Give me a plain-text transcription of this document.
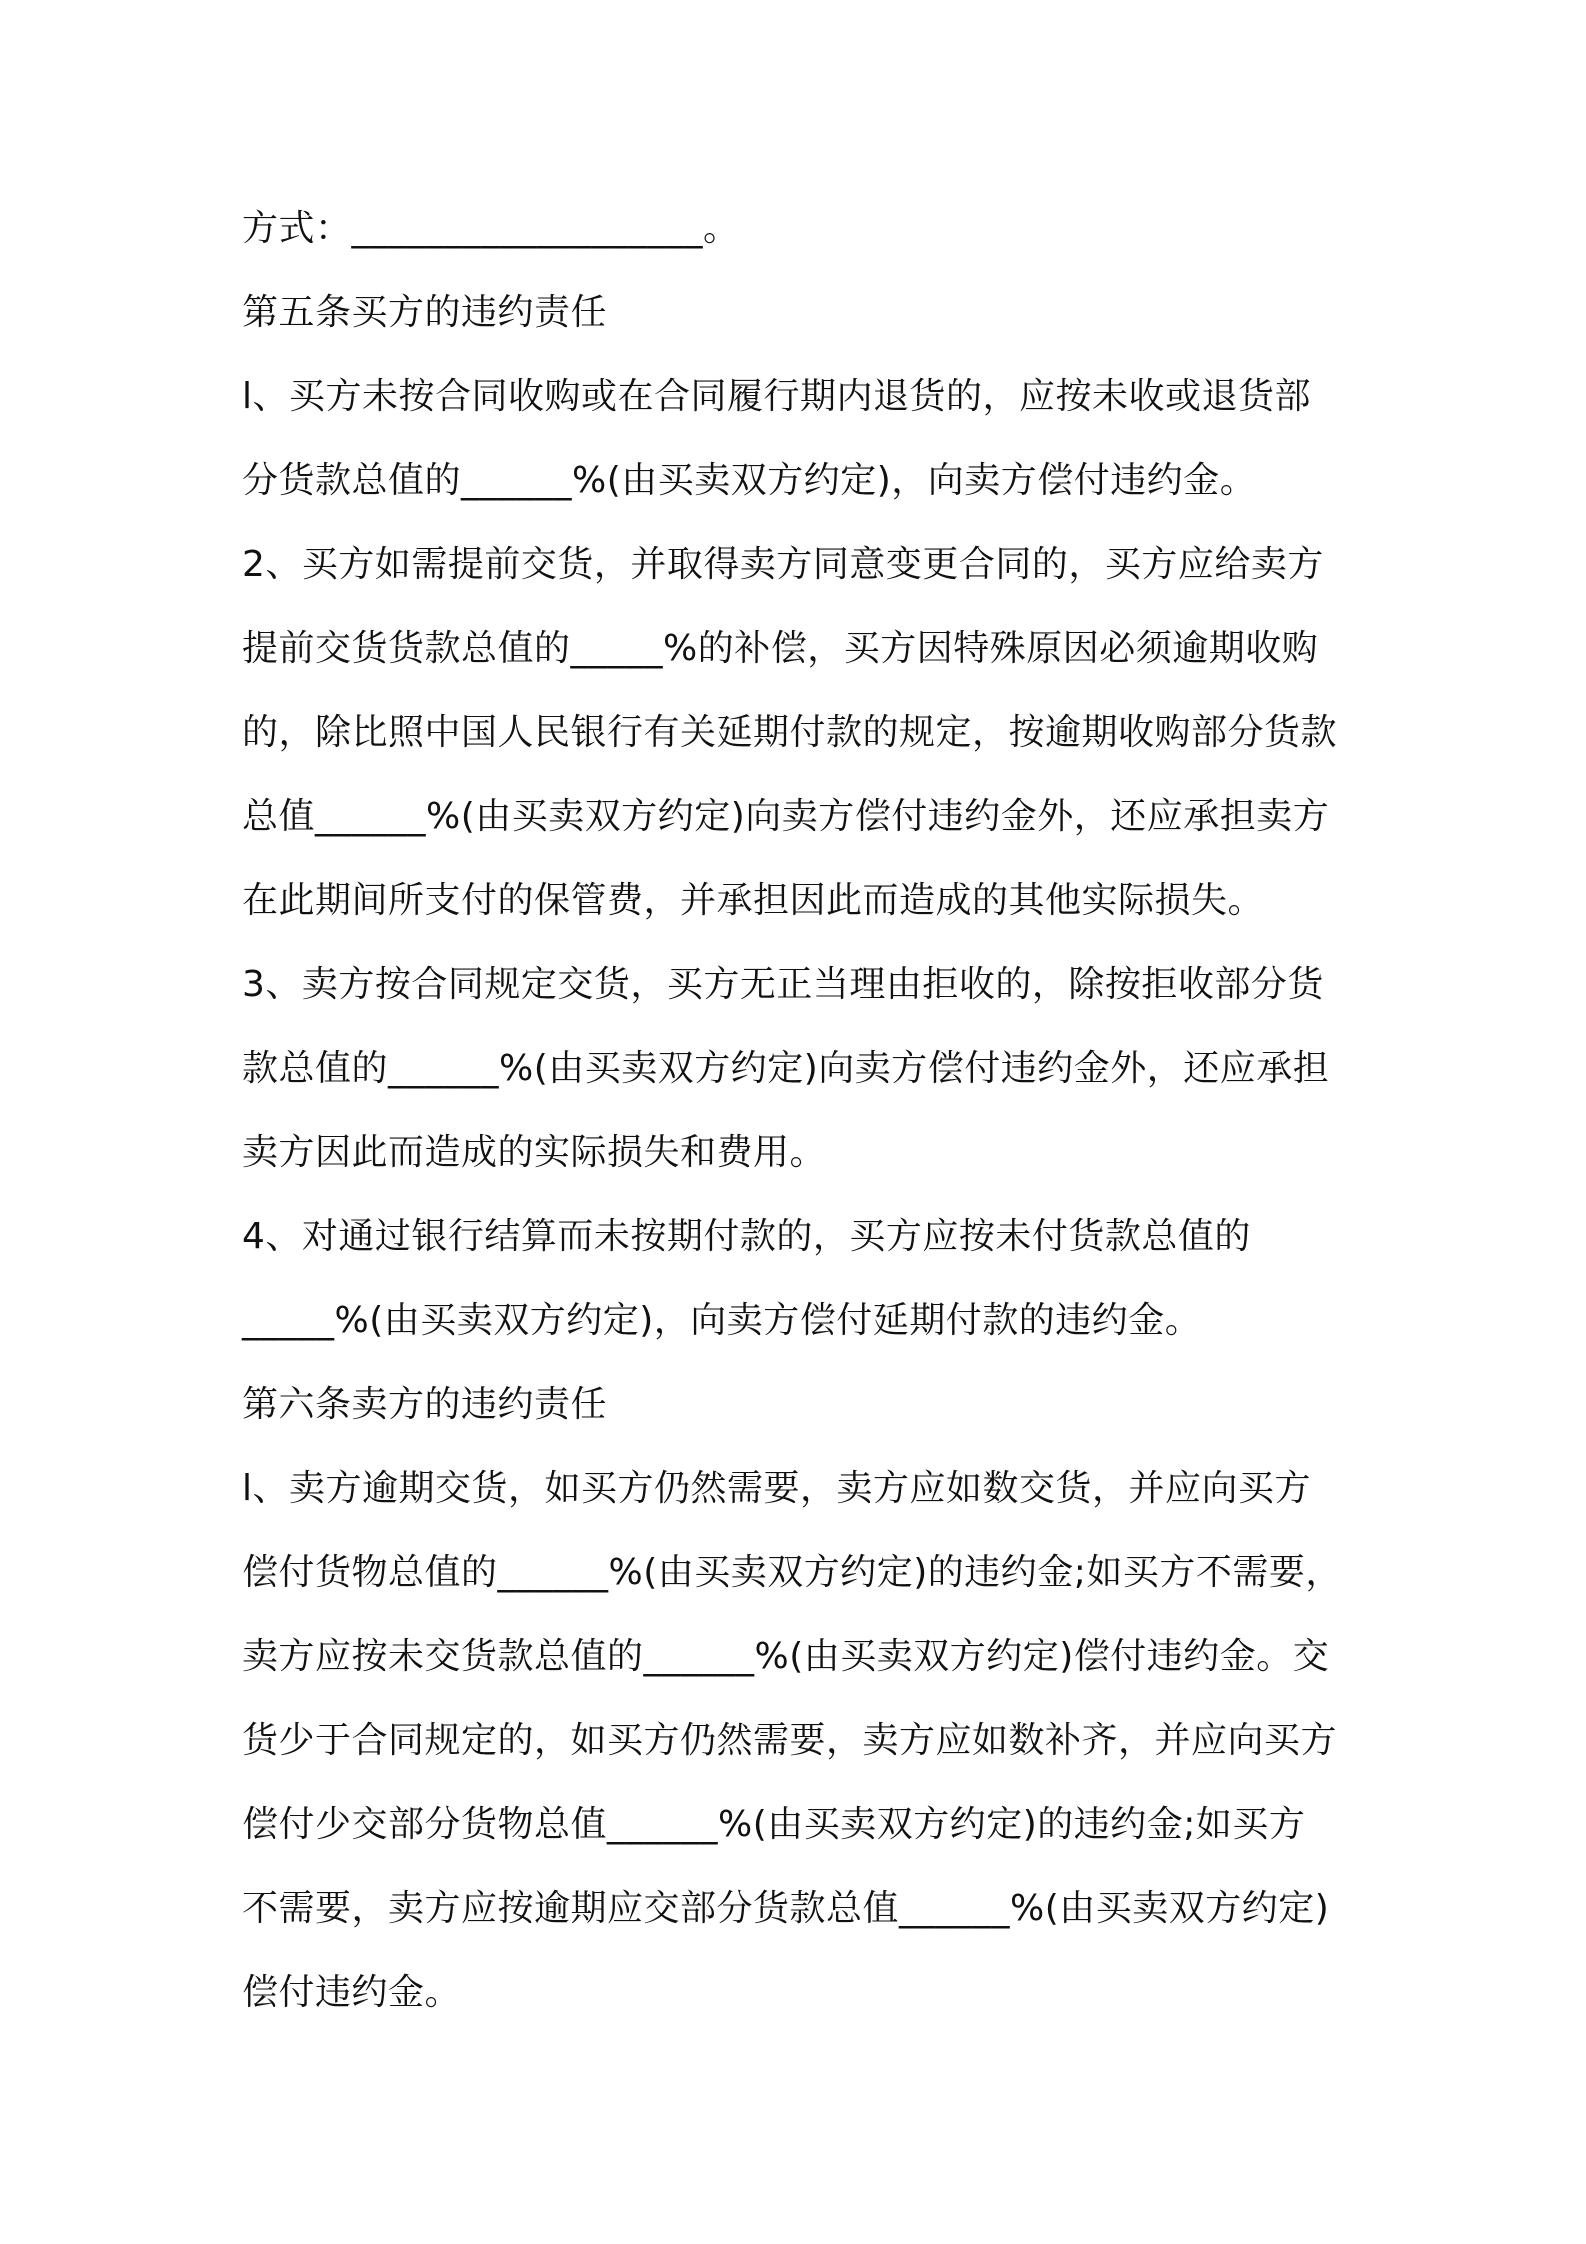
方式：___________________。
第五条买方的违约责任
l、买方未按合同收购或在合同履行期内退货的，应按未收或退货部
分货款总值的______%(由买卖双方约定)，向卖方偿付违约金。
2、买方如需提前交货，并取得卖方同意变更合同的，买方应给卖方
提前交货货款总值的_____%的补偿，买方因特殊原因必须逾期收购
的，除比照中国人民银行有关延期付款的规定，按逾期收购部分货款
总值______%(由买卖双方约定)向卖方偿付违约金外，还应承担卖方
在此期间所支付的保管费，并承担因此而造成的其他实际损失。
3、卖方按合同规定交货，买方无正当理由拒收的，除按拒收部分货
款总值的______%(由买卖双方约定)向卖方偿付违约金外，还应承担
卖方因此而造成的实际损失和费用。
4、对通过银行结算而未按期付款的，买方应按未付货款总值的
_____%(由买卖双方约定)，向卖方偿付延期付款的违约金。
第六条卖方的违约责任
l、卖方逾期交货，如买方仍然需要，卖方应如数交货，并应向买方
偿付货物总值的______%(由买卖双方约定)的违约金;如买方不需要，
卖方应按未交货款总值的______%(由买卖双方约定)偿付违约金。交
货少于合同规定的，如买方仍然需要，卖方应如数补齐，并应向买方
偿付少交部分货物总值______%(由买卖双方约定)的违约金;如买方
不需要，卖方应按逾期应交部分货款总值______%(由买卖双方约定)
偿付违约金。
